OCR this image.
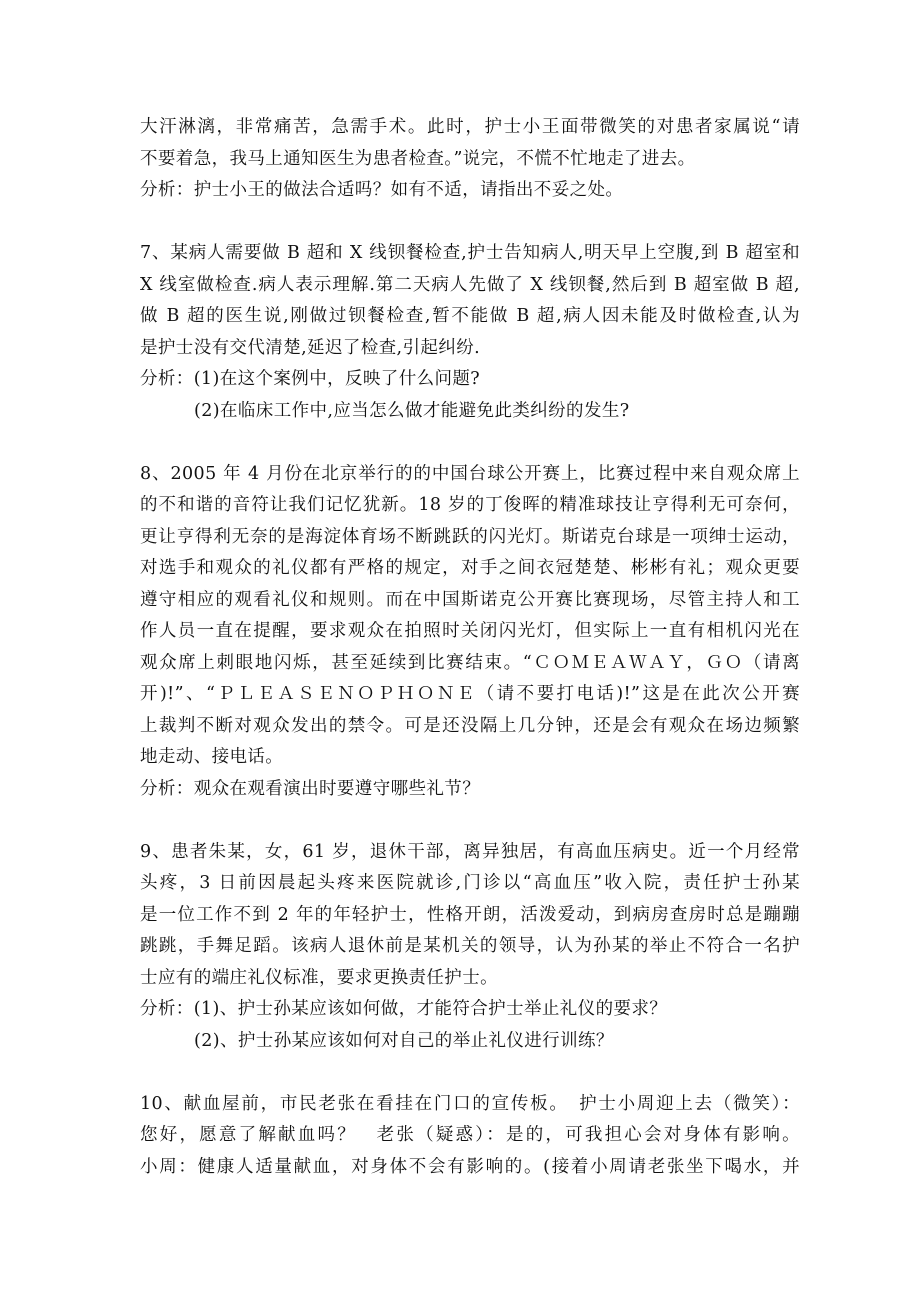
大汗淋漓，非常痛苦，急需手术。此时，护士小王面带微笑的对患者家属说“请
不要着急，我马上通知医生为患者检查。”说完，不慌不忙地走了进去。
分析：护士小王的做法合适吗？如有不适，请指出不妥之处。
7、某病人需要做 B 超和 X 线钡餐检查,护士告知病人,明天早上空腹,到 B 超室和
X 线室做检查.病人表示理解.第二天病人先做了 X 线钡餐,然后到 B 超室做 B 超,
做 B 超的医生说,刚做过钡餐检查,暂不能做 B 超,病人因未能及时做检查,认为
是护士没有交代清楚,延迟了检查,引起纠纷.
分析：(1)在这个案例中，反映了什么问题?
(2)在临床工作中,应当怎么做才能避免此类纠纷的发生?
8、2005 年 4 月份在北京举行的的中国台球公开赛上，比赛过程中来自观众席上
的不和谐的音符让我们记忆犹新。18 岁的丁俊晖的精准球技让亨得利无可奈何，
更让亨得利无奈的是海淀体育场不断跳跃的闪光灯。斯诺克台球是一项绅士运动，
对选手和观众的礼仪都有严格的规定，对手之间衣冠楚楚、彬彬有礼；观众更要
遵守相应的观看礼仪和规则。而在中国斯诺克公开赛比赛现场，尽管主持人和工
作人员一直在提醒，要求观众在拍照时关闭闪光灯，但实际上一直有相机闪光在
观众席上刺眼地闪烁，甚至延续到比赛结束。“ＣＯＭＥＡＷＡＹ，ＧＯ（请离
开)!”、“ＰＬＥＡＳＥＮＯＰＨＯＮＥ（请不要打电话)!”这是在此次公开赛
上裁判不断对观众发出的禁令。可是还没隔上几分钟，还是会有观众在场边频繁
地走动、接电话。
分析：观众在观看演出时要遵守哪些礼节？
9、患者朱某，女，61 岁，退休干部，离异独居，有高血压病史。近一个月经常
头疼，3 日前因晨起头疼来医院就诊,门诊以“高血压”收入院，责任护士孙某
是一位工作不到 2 年的年轻护士，性格开朗，活泼爱动，到病房查房时总是蹦蹦
跳跳，手舞足蹈。该病人退休前是某机关的领导，认为孙某的举止不符合一名护
士应有的端庄礼仪标准，要求更换责任护士。
分析：(1)、护士孙某应该如何做，才能符合护士举止礼仪的要求？
(2)、护士孙某应该如何对自己的举止礼仪进行训练？
10、献血屋前，市民老张在看挂在门口的宣传板。　护士小周迎上去（微笑）：
您好，愿意了解献血吗？　老张（疑惑）：是的，可我担心会对身体有影响。
小周：健康人适量献血，对身体不会有影响的。(接着小周请老张坐下喝水，并
